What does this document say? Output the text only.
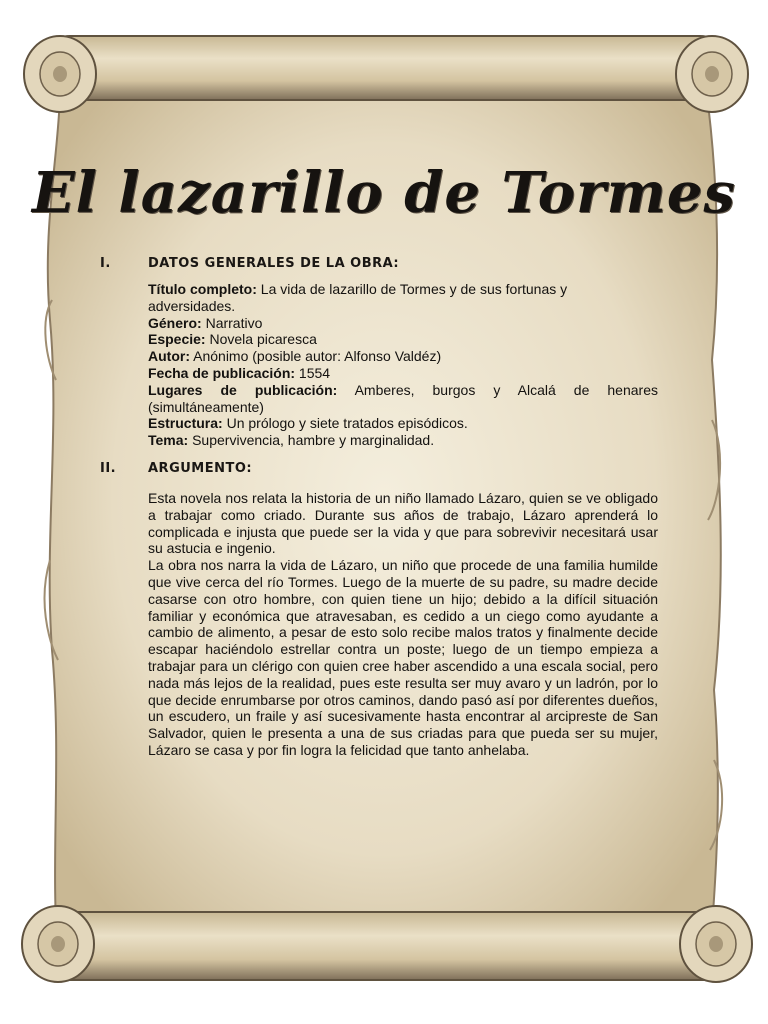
El lazarillo de Tormes
I.	DATOS GENERALES DE LA OBRA:
Título completo: La vida de lazarillo de Tormes y de sus fortunas y adversidades.
Género: Narrativo
Especie: Novela picaresca
Autor: Anónimo (posible autor: Alfonso Valdéz)
Fecha de publicación: 1554
Lugares de publicación: Amberes, burgos y Alcalá de henares (simultáneamente)
Estructura: Un prólogo y siete tratados episódicos.
Tema: Supervivencia, hambre y marginalidad.
II. ARGUMENTO:

Esta novela nos relata la historia de un niño llamado Lázaro, quien se ve obligado a trabajar como criado. Durante sus años de trabajo, Lázaro aprenderá lo complicada e injusta que puede ser la vida y que para sobrevivir necesitará usar su astucia e ingenio.

La obra nos narra la vida de Lázaro, un niño que procede de una familia humilde que vive cerca del río Tormes. Luego de la muerte de su padre, su madre decide casarse con otro hombre, con quien tiene un hijo; debido a la difícil situación familiar y económica que atravesaban, es cedido a un ciego como ayudante a cambio de alimento, a pesar de esto solo recibe malos tratos y finalmente decide escapar haciéndolo estrellar contra un poste; luego de un tiempo empieza a trabajar para un clérigo con quien cree haber ascendido a una escala social, pero nada más lejos de la realidad, pues este resulta ser muy avaro y un ladrón, por lo que decide enrumbarse por otros caminos, dando pasó así por diferentes dueños, un escudero, un fraile y así sucesivamente hasta encontrar al arcipreste de San Salvador, quien le presenta a una de sus criadas para que pueda ser su mujer, Lázaro se casa y por fin logra la felicidad que tanto anhelaba.
